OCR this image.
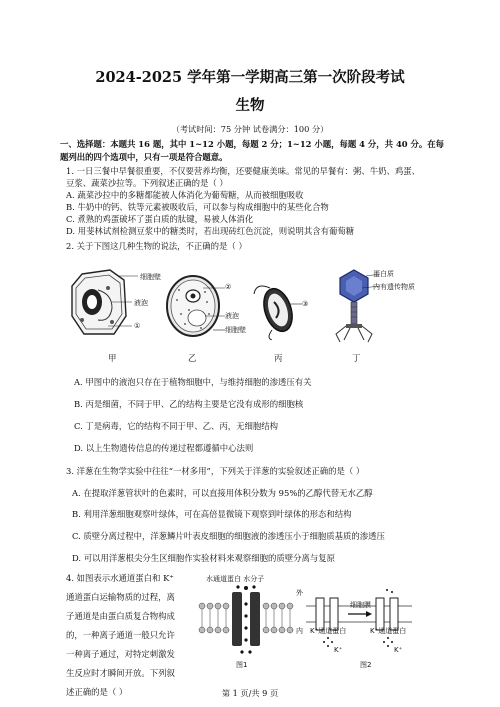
2024-2025 学年第一学期高三第一次阶段考试
生物
（考试时间：75 分钟 试卷满分：100 分）
一、选择题：本题共 16 题，其中 1~12 小题，每题 2 分；1~12 小题，每题 4 分，共 40 分。在每
题列出的四个选项中，只有一项是符合题意。
1. 一日三餐中早餐很重要，不仅要营养均衡，还要健康美味。常见的早餐有：粥、牛奶、鸡蛋、
豆浆、蔬菜沙拉等。下列叙述正确的是（ ）
A. 蔬菜沙拉中的多糖都能被人体消化为葡萄糖，从而被细胞吸收
B. 牛奶中的钙、铁等元素被吸收后，可以参与构成细胞中的某些化合物
C. 煮熟的鸡蛋破坏了蛋白质的肽键，易被人体消化
D. 用斐林试剂检测豆浆中的糖类时，若出现砖红色沉淀，则说明其含有葡萄糖
2. 关于下图这几种生物的说法，不正确的是（ ）
细胞壁
液泡
①
②
液泡
细胞壁
③
蛋白质
内有遗传物质
甲	乙	丙	丁
A. 甲图中的液泡只存在于植物细胞中，与维持细胞的渗透压有关
B. 丙是细菌，不同于甲、乙的结构主要是它没有成形的细胞核
C. 丁是病毒，它的结构不同于甲、乙、丙，无细胞结构
D. 以上生物遗传信息的传递过程都遵循中心法则
3. 洋葱在生物学实验中往往“一材多用”，下列关于洋葱的实验叙述正确的是（ ）
A. 在提取洋葱管状叶的色素时，可以直接用体积分数为 95%的乙醇代替无水乙醇
B. 利用洋葱细胞观察叶绿体，可在高倍显微镜下观察到叶绿体的形态和结构
C. 质壁分离过程中，洋葱鳞片叶表皮细胞的细胞液的渗透压小于细胞质基质的渗透压
D. 可以用洋葱根尖分生区细胞作实验材料来观察细胞的质壁分离与复原
4. 如图表示水通道蛋白和 K⁺
通道蛋白运输物质的过程，离
子通道是由蛋白质复合物构成
的，一种离子通道一般只允许
一种离子通过，对特定刺激发
生反应时才瞬间开放。下列叙
述正确的是（ ）
水通道蛋白 水分子
图1
外
内
细胞膜
K⁺通道蛋白	K⁺通道蛋白
K⁺	K⁺
图2
第 1 页/共 9 页
